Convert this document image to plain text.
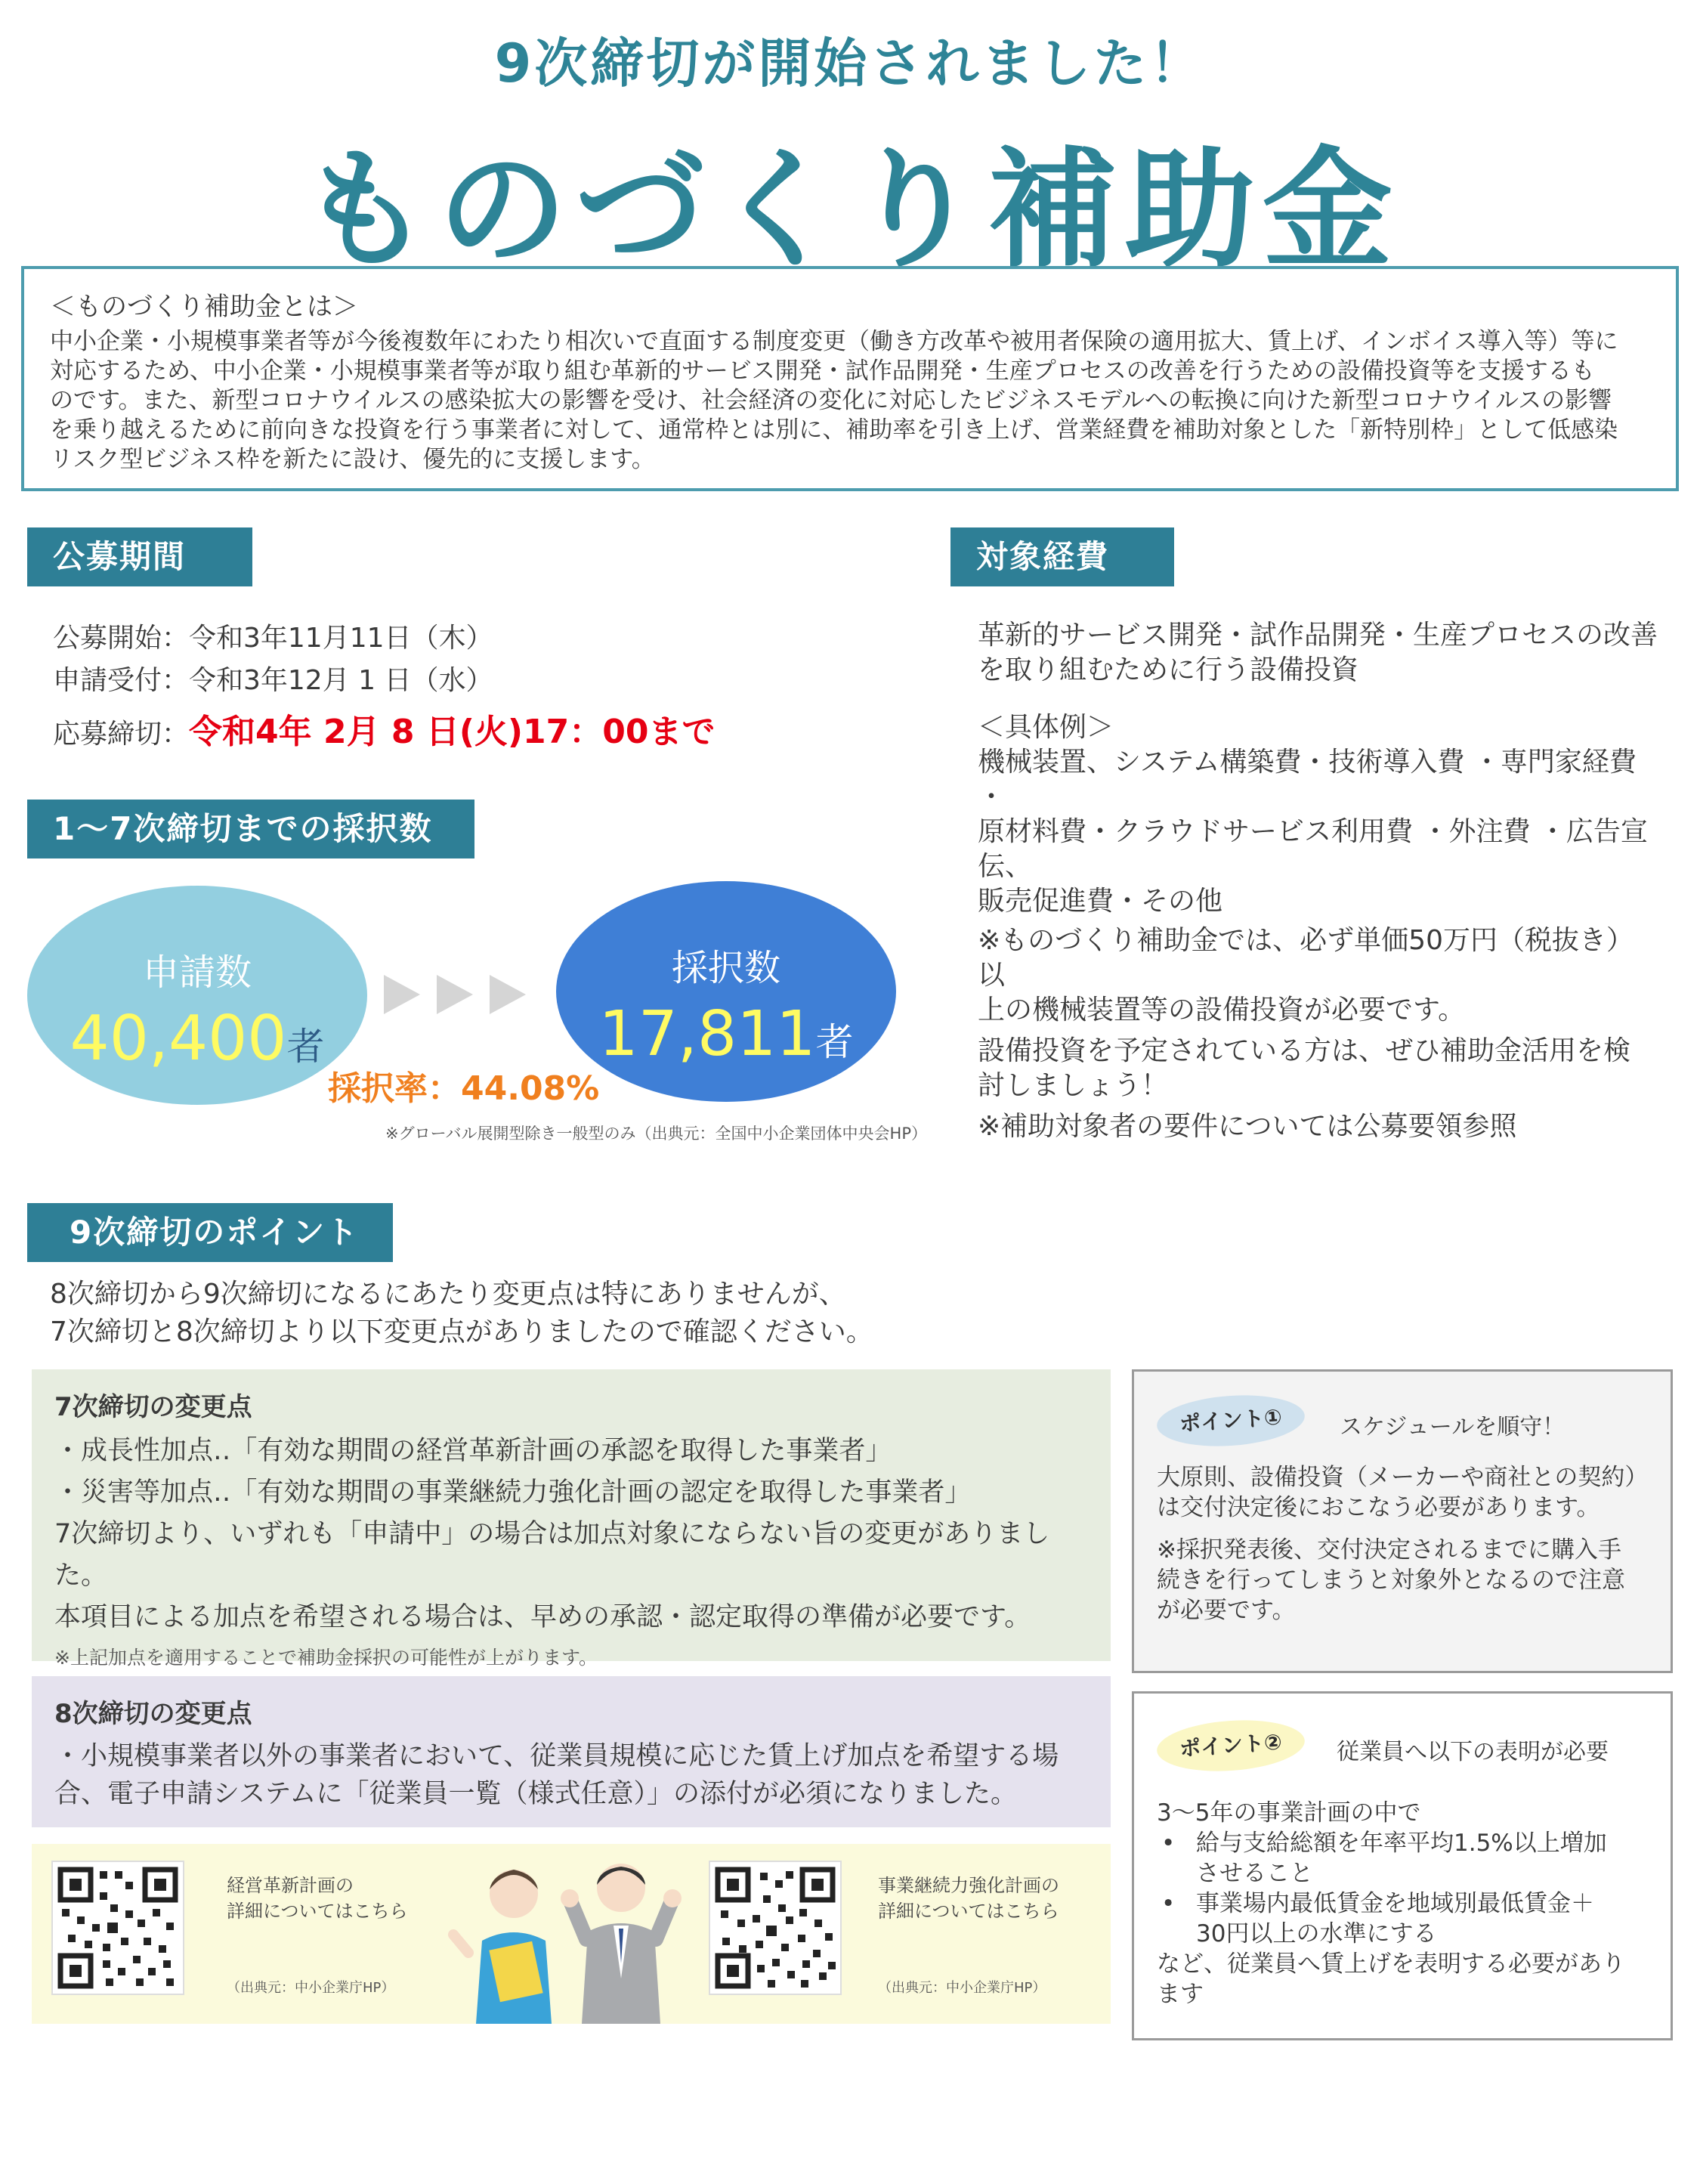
9次締切が開始されました！
ものづくり補助金
＜ものづくり補助金とは＞
中小企業・小規模事業者等が今後複数年にわたり相次いで直面する制度変更（働き方改革や被用者保険の適用拡大、賃上げ、インボイス導入等）等に
対応するため、中小企業・小規模事業者等が取り組む革新的サービス開発・試作品開発・生産プロセスの改善を行うための設備投資等を支援するも
のです。また、新型コロナウイルスの感染拡大の影響を受け、社会経済の変化に対応したビジネスモデルへの転換に向けた新型コロナウイルスの影響
を乗り越えるために前向きな投資を行う事業者に対して、通常枠とは別に、補助率を引き上げ、営業経費を補助対象とした「新特別枠」として低感染
リスク型ビジネス枠を新たに設け、優先的に支援します。
公募期間
公募開始：令和3年11月11日（木）
申請受付：令和3年12月 1 日（水）
応募締切：令和4年 2月 8 日(火)17：00まで
対象経費
革新的サービス開発・試作品開発・生産プロセスの改善
を取り組むために行う設備投資
＜具体例＞
機械装置、システム構築費・技術導入費 ・専門家経費 ・
原材料費・クラウドサービス利用費 ・外注費 ・広告宣伝、
販売促進費・その他
※ものづくり補助金では、必ず単価50万円（税抜き）以
上の機械装置等の設備投資が必要です。
設備投資を予定されている方は、ぜひ補助金活用を検
討しましょう！
※補助対象者の要件については公募要領参照
1～7次締切までの採択数
申請数
40,400者
採択数
17,811者
採択率：44.08%
※グローバル展開型除き一般型のみ（出典元：全国中小企業団体中央会HP）
9次締切のポイント
8次締切から9次締切になるにあたり変更点は特にありませんが、
7次締切と8次締切より以下変更点がありましたので確認ください。
7次締切の変更点
・成長性加点‥「有効な期間の経営革新計画の承認を取得した事業者」
・災害等加点‥「有効な期間の事業継続力強化計画の認定を取得した事業者」
7次締切より、いずれも「申請中」の場合は加点対象にならない旨の変更がありました。
本項目による加点を希望される場合は、早めの承認・認定取得の準備が必要です。
※上記加点を適用することで補助金採択の可能性が上がります。
8次締切の変更点
・小規模事業者以外の事業者において、従業員規模に応じた賃上げ加点を希望する場
合、電子申請システムに「従業員一覧（様式任意）」の添付が必須になりました。
経営革新計画の
詳細についてはこちら
（出典元：中小企業庁HP）
事業継続力強化計画の
詳細についてはこちら
（出典元：中小企業庁HP）
ポイント①	スケジュールを順守！
大原則、設備投資（メーカーや商社との契約）
は交付決定後におこなう必要があります。
※採択発表後、交付決定されるまでに購入手
続きを行ってしまうと対象外となるので注意
が必要です。
ポイント②	従業員へ以下の表明が必要
3～5年の事業計画の中で
• 給与支給総額を年率平均1.5%以上増加
させること
• 事業場内最低賃金を地域別最低賃金＋
30円以上の水準にする
など、従業員へ賃上げを表明する必要があり
ます
